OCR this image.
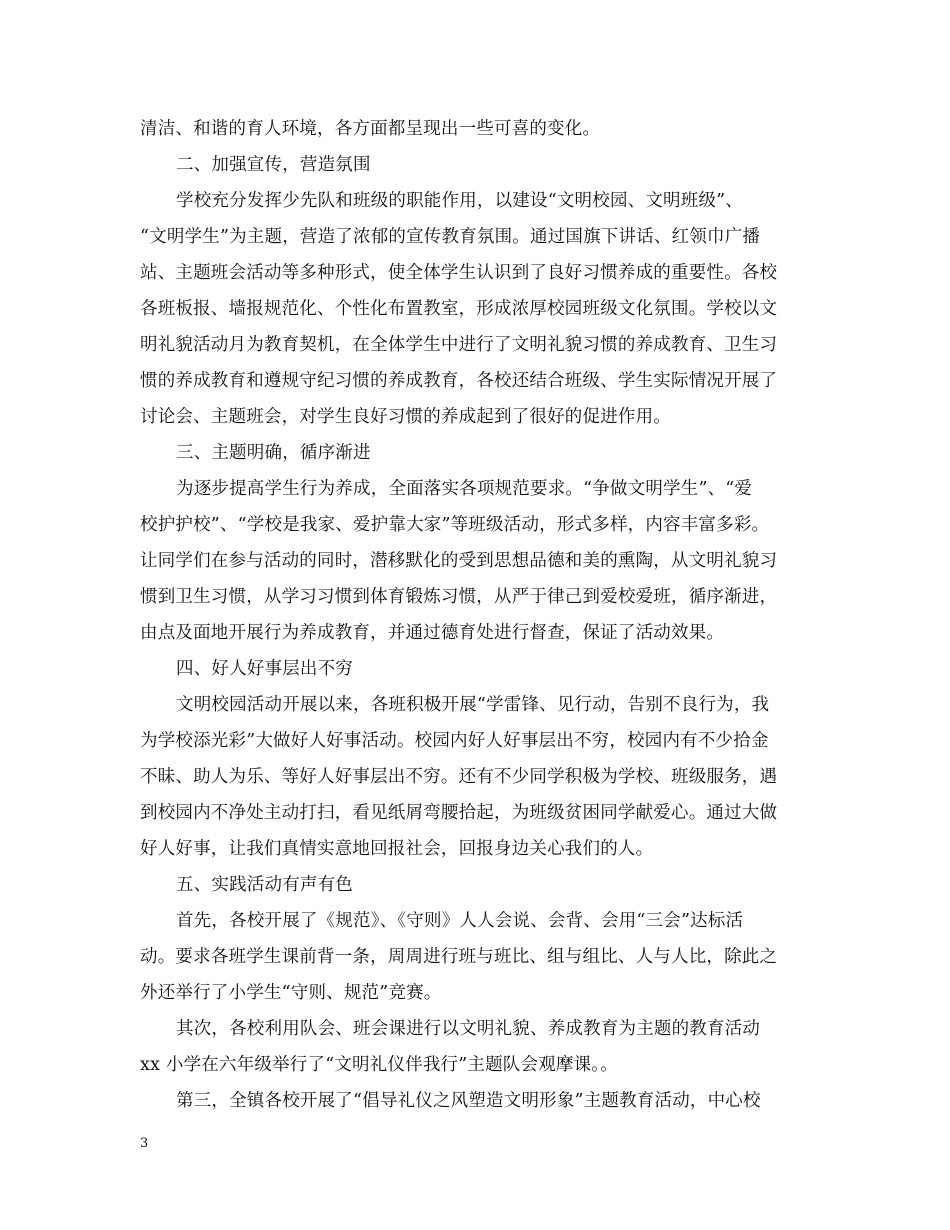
清洁、和谐的育人环境，各方面都呈现出一些可喜的变化。
二、加强宣传，营造氛围
学校充分发挥少先队和班级的职能作用，以建设“文明校园、文明班级”、
“文明学生”为主题，营造了浓郁的宣传教育氛围。通过国旗下讲话、红领巾广播
站、主题班会活动等多种形式，使全体学生认识到了良好习惯养成的重要性。各校
各班板报、墙报规范化、个性化布置教室，形成浓厚校园班级文化氛围。学校以文
明礼貌活动月为教育契机，在全体学生中进行了文明礼貌习惯的养成教育、卫生习
惯的养成教育和遵规守纪习惯的养成教育，各校还结合班级、学生实际情况开展了
讨论会、主题班会，对学生良好习惯的养成起到了很好的促进作用。
三、主题明确，循序渐进
为逐步提高学生行为养成，全面落实各项规范要求。“争做文明学生”、“爱
校护护校”、“学校是我家、爱护靠大家”等班级活动，形式多样，内容丰富多彩。
让同学们在参与活动的同时，潜移默化的受到思想品德和美的熏陶，从文明礼貌习
惯到卫生习惯，从学习习惯到体育锻炼习惯，从严于律己到爱校爱班，循序渐进，
由点及面地开展行为养成教育，并通过德育处进行督查，保证了活动效果。
四、好人好事层出不穷
文明校园活动开展以来，各班积极开展“学雷锋、见行动，告别不良行为，我
为学校添光彩”大做好人好事活动。校园内好人好事层出不穷，校园内有不少拾金
不昧、助人为乐、等好人好事层出不穷。还有不少同学积极为学校、班级服务，遇
到校园内不净处主动打扫，看见纸屑弯腰拾起，为班级贫困同学献爱心。通过大做
好人好事，让我们真情实意地回报社会，回报身边关心我们的人。
五、实践活动有声有色
首先，各校开展了《规范》、《守则》人人会说、会背、会用“三会”达标活
动。要求各班学生课前背一条，周周进行班与班比、组与组比、人与人比，除此之
外还举行了小学生“守则、规范”竞赛。
其次，各校利用队会、班会课进行以文明礼貌、养成教育为主题的教育活动
xx 小学在六年级举行了“文明礼仪伴我行”主题队会观摩课。。
第三，全镇各校开展了“倡导礼仪之风塑造文明形象”主题教育活动，中心校
3
